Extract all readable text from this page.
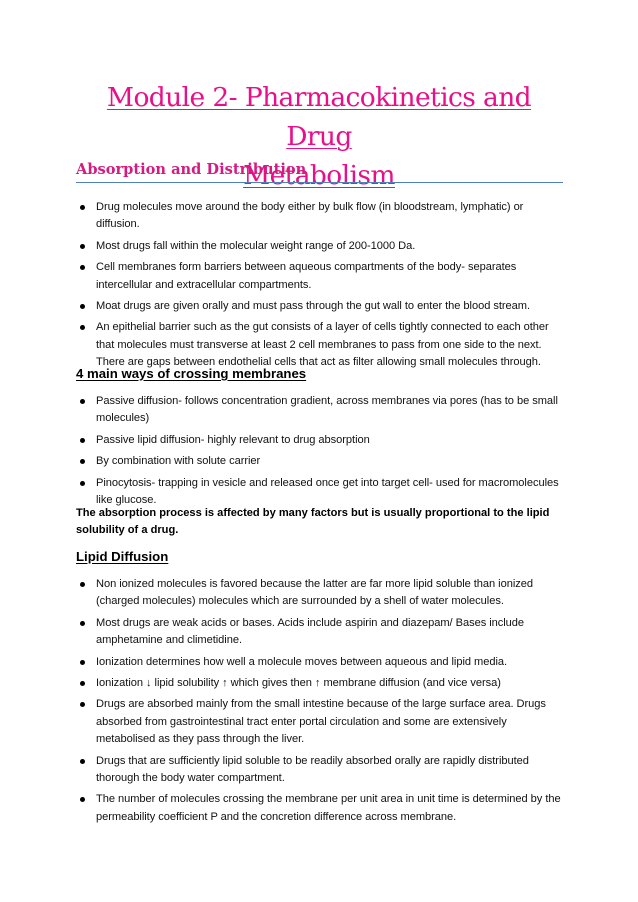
Module 2- Pharmacokinetics and Drug
Metabolism
Absorption and Distribution
Drug molecules move around the body either by bulk flow (in bloodstream, lymphatic) or diffusion.
Most drugs fall within the molecular weight range of 200-1000 Da.
Cell membranes form barriers between aqueous compartments of the body- separates intercellular and extracellular compartments.
Moat drugs are given orally and must pass through the gut wall to enter the blood stream.
An epithelial barrier such as the gut consists of a layer of cells tightly connected to each other that molecules must transverse at least 2 cell membranes to pass from one side to the next. There are gaps between endothelial cells that act as filter allowing small molecules through.
4 main ways of crossing membranes
Passive diffusion- follows concentration gradient, across membranes via pores (has to be small molecules)
Passive lipid diffusion- highly relevant to drug absorption
By combination with solute carrier
Pinocytosis- trapping in vesicle and released once get into target cell- used for macromolecules like glucose.

The absorption process is affected by many factors but is usually proportional to the lipid solubility of a drug.

Lipid Diffusion
Non ionized molecules is favored because the latter are far more lipid soluble than ionized (charged molecules) molecules which are surrounded by a shell of water molecules.
Most drugs are weak acids or bases. Acids include aspirin and diazepam/ Bases include amphetamine and climetidine.
Ionization determines how well a molecule moves between aqueous and lipid media.
Ionization ↓ lipid solubility ↑ which gives then ↑ membrane diffusion (and vice versa)
Drugs are absorbed mainly from the small intestine because of the large surface area. Drugs absorbed from gastrointestinal tract enter portal circulation and some are extensively metabolised as they pass through the liver.
Drugs that are sufficiently lipid soluble to be readily absorbed orally are rapidly distributed thorough the body water compartment.
The number of molecules crossing the membrane per unit area in unit time is determined by the permeability coefficient P and the concretion difference across membrane.
